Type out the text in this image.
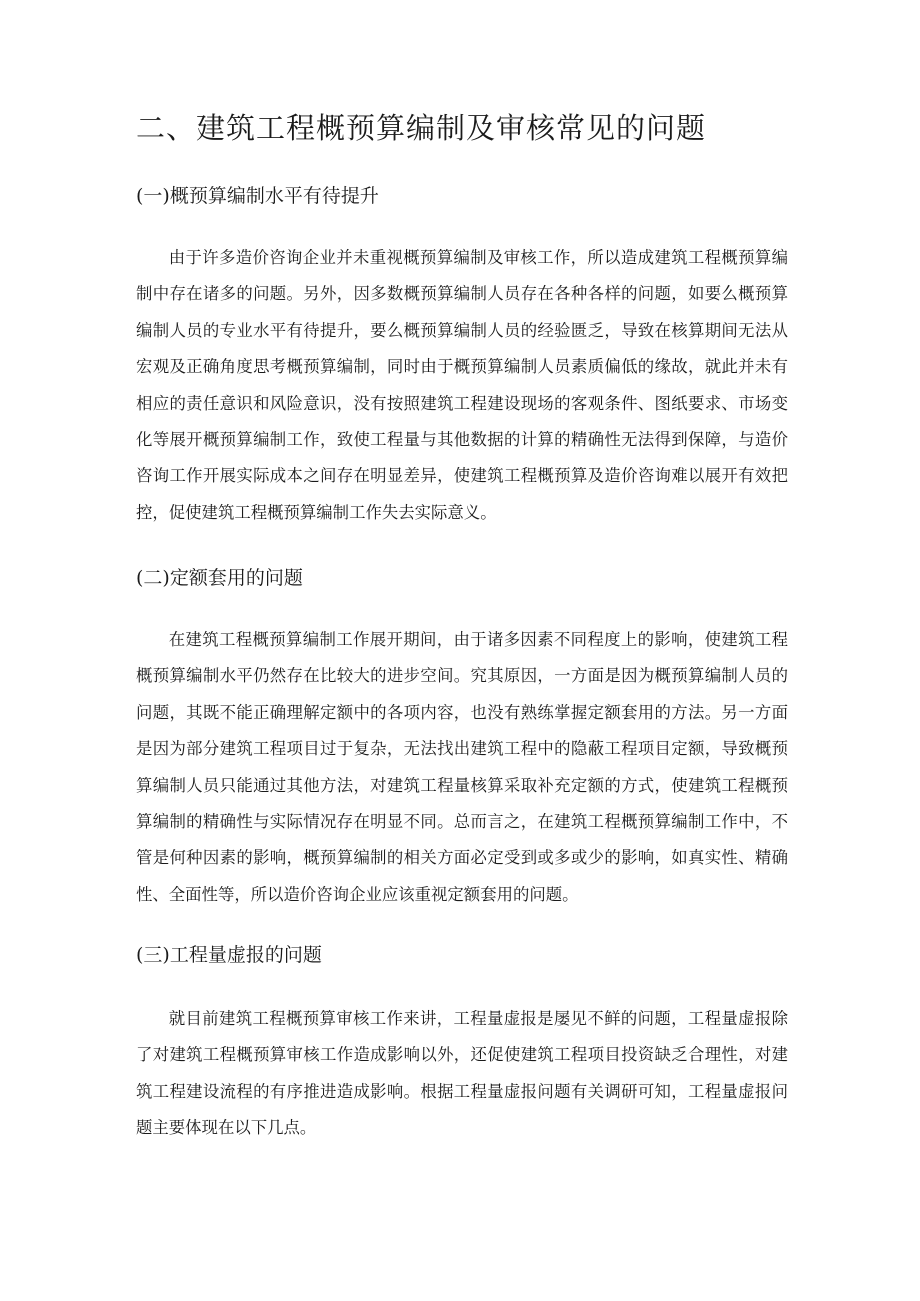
二、建筑工程概预算编制及审核常见的问题
(一)概预算编制水平有待提升

由于许多造价咨询企业并未重视概预算编制及审核工作，所以造成建筑工程概预算编制中存在诸多的问题。另外，因多数概预算编制人员存在各种各样的问题，如要么概预算编制人员的专业水平有待提升，要么概预算编制人员的经验匮乏，导致在核算期间无法从宏观及正确角度思考概预算编制，同时由于概预算编制人员素质偏低的缘故，就此并未有相应的责任意识和风险意识，没有按照建筑工程建设现场的客观条件、图纸要求、市场变化等展开概预算编制工作，致使工程量与其他数据的计算的精确性无法得到保障，与造价咨询工作开展实际成本之间存在明显差异，使建筑工程概预算及造价咨询难以展开有效把控，促使建筑工程概预算编制工作失去实际意义。

(二)定额套用的问题

在建筑工程概预算编制工作展开期间，由于诸多因素不同程度上的影响，使建筑工程概预算编制水平仍然存在比较大的进步空间。究其原因，一方面是因为概预算编制人员的问题，其既不能正确理解定额中的各项内容，也没有熟练掌握定额套用的方法。另一方面是因为部分建筑工程项目过于复杂，无法找出建筑工程中的隐蔽工程项目定额，导致概预算编制人员只能通过其他方法，对建筑工程量核算采取补充定额的方式，使建筑工程概预算编制的精确性与实际情况存在明显不同。总而言之，在建筑工程概预算编制工作中，不管是何种因素的影响，概预算编制的相关方面必定受到或多或少的影响，如真实性、精确性、全面性等，所以造价咨询企业应该重视定额套用的问题。

(三)工程量虚报的问题

就目前建筑工程概预算审核工作来讲，工程量虚报是屡见不鲜的问题，工程量虚报除了对建筑工程概预算审核工作造成影响以外，还促使建筑工程项目投资缺乏合理性，对建筑工程建设流程的有序推进造成影响。根据工程量虚报问题有关调研可知，工程量虚报问题主要体现在以下几点。
